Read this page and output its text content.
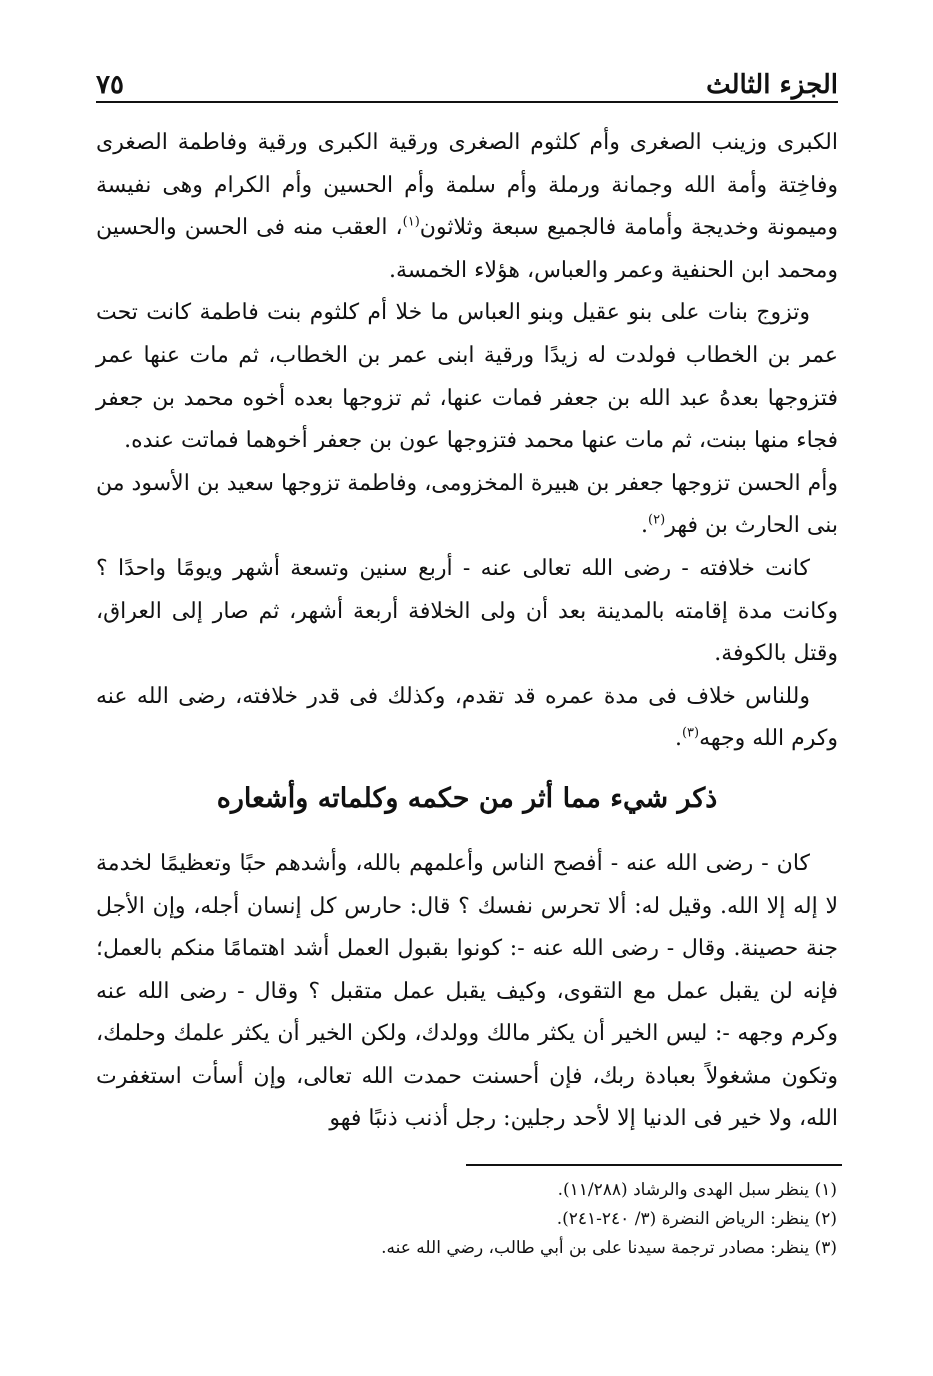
الجزء الثالث
٧٥

الكبرى وزينب الصغرى وأم كلثوم الصغرى ورقية الكبرى ورقية وفاطمة الصغرى وفاخِتة وأمة الله وجمانة ورملة وأم سلمة وأم الحسين وأم الكرام وهى نفيسة وميمونة وخديجة وأمامة فالجميع سبعة وثلاثون$^{(١)}$، العقب منه فى الحسن والحسين ومحمد ابن الحنفية وعمر والعباس، هؤلاء الخمسة.

وتزوج بنات على بنو عقيل وبنو العباس ما خلا أم كلثوم بنت فاطمة كانت تحت عمر بن الخطاب فولدت له زيدًا ورقية ابنى عمر بن الخطاب، ثم مات عنها عمر فتزوجها بعدهُ عبد الله بن جعفر فمات عنها، ثم تزوجها بعده أخوه محمد بن جعفر فجاء منها ببنت، ثم مات عنها محمد فتزوجها عون بن جعفر أخوهما فماتت عنده.

وأم الحسن تزوجها جعفر بن هبيرة المخزومى، وفاطمة تزوجها سعيد بن الأسود من بنى الحارث بن فهر$^{(٢)}$.

كانت خلافته - رضى الله تعالى عنه - أربع سنين وتسعة أشهر ويومًا واحدًا ؟ وكانت مدة إقامته بالمدينة بعد أن ولى الخلافة أربعة أشهر، ثم صار إلى العراق، وقتل بالكوفة.

وللناس خلاف فى مدة عمره قد تقدم، وكذلك فى قدر خلافته، رضى الله عنه وكرم الله وجهه$^{(٣)}$.

ذكر شيء مما أثر من حكمه وكلماته وأشعاره

كان - رضى الله عنه - أفصح الناس وأعلمهم بالله، وأشدهم حبًا وتعظيمًا لخدمة لا إله إلا الله. وقيل له: ألا تحرس نفسك ؟ قال: حارس كل إنسان أجله، وإن الأجل جنة حصينة. وقال - رضى الله عنه -: كونوا بقبول العمل أشد اهتمامًا منكم بالعمل؛ فإنه لن يقبل عمل مع التقوى، وكيف يقبل عمل متقبل ؟ وقال - رضى الله عنه وكرم وجهه -: ليس الخير أن يكثر مالك وولدك، ولكن الخير أن يكثر علمك وحلمك، وتكون مشغولاً بعبادة ربك، فإن أحسنت حمدت الله تعالى، وإن أسأت استغفرت الله، ولا خير فى الدنيا إلا لأحد رجلين: رجل أذنب ذنبًا فهو

(١) ينظر سبل الهدى والرشاد (١١/٢٨٨).

(٢) ينظر: الرياض النضرة (٣/ ٢٤٠-٢٤١).

(٣) ينظر: مصادر ترجمة سيدنا على بن أبي طالب، رضي الله عنه.
